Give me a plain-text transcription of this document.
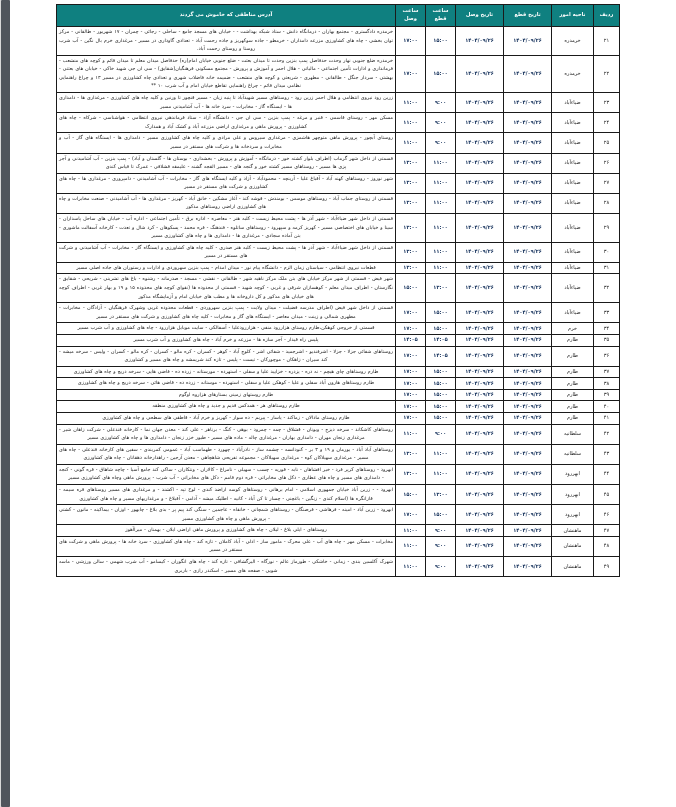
ردیف	ناحیه امور	تاریخ قطع	تاریخ وصل	ساعت قطع	ساعت وصل	آدرس مناطقی که خاموش می گردند
۲۱	خرمدره	۱۴۰۴/۰۹/۲۶	۱۴۰۴/۰۹/۲۶	۱۵:۰۰	۱۷:۰۰	خرمدره دادگستری - مجتمع بهاران - درمانگاه دانش - ستاد شبکه بهداشت - - خیابان های مسجد جامع - ساحلی - رجائی - چمران - ۱۷ شهریور - طالقانی - مرکز توان بخشی - چاه های کشاورزی مزرعه دامداران - خرمطو - جاده سوکهریز و جاده رحمت آباد - تعدادی گاوداری در مسیر - مرغداری خرم بال نگین - آب شرب روستا و روستای رحمت آباد.
۲۲	خرمدره	۱۴۰۴/۰۹/۲۶	۱۴۰۴/۰۹/۲۶	۱۵:۰۰	۱۷:۰۰	خرمدره ضلع جنوبی نهار وحدت حدفاصل پمپ بنزین وحدت تا میدان بعثت - ضلع جنوبی خیابان امام(ره) حدفاصل میدان معلم تا میدان قائم و کوچه های منشعب - فرمانداری و ادارات تأمین اجتماعی - مالیاتی - هلال احمر و آموزش و پرورش - مجتمع مسکونی فرهنگیان(شقایق) - سی ان جی شهید خاکی - خیابان های بعثتی - بهشتی - سردار جنگل - طالقانی - مطهری - شریعتی و کوچه های منشعب - ضمیمه خانه فاضلاب شهری و تعدادی چاه کشاورزی در مسیر ۱۳ و چراغ راهنمایی نظامی میدان قائم - چراغ راهنمایی تقاطع خیابان امام و آب شرب ۱۰ **
۲۳	ضیاءآباد	۱۴۰۴/۰۹/۲۶	۱۴۰۴/۰۹/۲۶	۹:۰۰	۱۱:۰۰	زرین رود نیروی انتظامی و هلال احمر زرین رود - روستاهای مسیر شهیدآباد تا پنبه زیان - مسیر قنچور تا ورنین و کلیه چاه های کشاورزی - مرغداری ها - دامداری ها - ایستگاه گاز - مخابرات - سرد خانه ها - آب آشامیدنی مسیر
۲۴	ضیاءآباد	۱۴۰۴/۰۹/۲۶	۱۴۰۴/۰۹/۲۶	۹:۰۰	۱۱:۰۰	مسکن مهر - روستای قاسمی - قنبر و مرغه - پمپ بنزین - سی ان جی - دانشگاه آزاد - ستاد فرماندهی نیروی انتظامی - هواشناسی - شرکاه - چاه های کشاورزی - پرورش ماهی و مرغداری اراضی مزرعه آباد و کشک آباد و همدارک
۲۵	ضیاءآباد	۱۴۰۴/۰۹/۲۶	۱۴۰۴/۰۹/۲۶	۹:۰۰	۱۱:۰۰	روستای آبچور - پرورش ماهی متوچهر هاشمزی - مرغداری سیروس و علی مرادی و کلیه چاه های کشاورزی مسیر - دامداری ها - ایستگاه های گاز - آب و مخابرات و سردخانه ها و شرکت های مستقر در مسیر
۲۶	ضیاءآباد	۱۴۰۴/۰۹/۲۶	۱۴۰۴/۰۹/۲۶	۱۱:۰۰	۱۳:۰۰	قسمتی از داخل شهر گرماب (اطراف بلوار کشته خور - درمانگاه - آموزش و پرورش - بخشداری - بوستان ها - گلستان و آباد) - پمپ بنزین - آب آشامیدنی و آجر پزی ها مسیر - روستاهای مسیر کشته خور و گنجه های - مسیر القجه گشنه - علیمقه قشلاقی - عمرک تا قیاس کندی
۲۷	ضیاءآباد	۱۴۰۴/۰۹/۲۶	۱۴۰۴/۰۹/۲۶	۱۱:۰۰	۱۳:۰۰	شهر نوروز - روستاهای کهنه آباد - آقباغ علیا - آرینچه - محمودآباد - آزاد و کلیه ایستگاه های گاز - مخابرات - آب آشامیدنی - دامپروری - مرغداری ها - چاه های کشاورزی و شرکت های مستقر در مسیر
۲۸	ضیاءآباد	۱۴۰۴/۰۹/۲۶	۱۴۰۴/۰۹/۲۶	۱۱:۰۰	۱۳:۰۰	قسمتی از روستای جماب آباد - روستاهای موسس - بومندش - قوشه کند - آغاز مشکین - خانق آباد - کهریز - مرغداری ها - آب آشامیدنی - صنعت مخابرات و چاه های کشاورزی اراضی روستاهای مذکور
۲۹	ضیاءآباد	۱۴۰۴/۰۹/۲۶	۱۴۰۴/۰۹/۲۶	۱۱:۰۰	۱۳:۰۰	قسمتی از داخل شهر ضیاءآباد - شهر آذر ها - پشت محیط زیست - کلبه هنر - معاصره - اداره برق - تأمین اجتماعی - اداره آب - خیابان های ساحل پاسداران - سینا و خیابان های اختصاصی مسیر - کهریز کرمه و سپهرود - روستاهای ساتلوه - فندهنگ - فره محمد - پسکوهان - کرد شال و تعدت - کارخانه آسفالت ماشوری - بتن آماده سجادی - مرغداری ها - دامداری ها و چاه های کشاورزی مسیر
۳۰	ضیاءآباد	۱۴۰۴/۰۹/۲۶	۱۴۰۴/۰۹/۲۶	۱۱:۰۰	۱۳:۰۰	قسمتی از داخل شهر ضیاءآباد - شهر آذر ها - پشت محیط زیست - کلبه هنر صدری - کلیه چاه های کشاورزی و ایستگاه گاز - مخابرات - آب آشامیدنی و شرکت های مستقر در مسیر
۳۱	ضیاءآباد	۱۴۰۴/۰۹/۲۶	۱۴۰۴/۰۹/۲۶	۱۱:۰۰	۱۳:۰۰	قطعات نیروی انتظامی - سیاستان زمان الزم - دانشگاه پیام نور - میدان امدام - پمپ بنزین سهروردی و ادارات و رستوران های جاده اصلی مسیر
۳۲	ضیاءآباد	۱۴۰۴/۰۹/۲۶	۱۴۰۴/۰۹/۲۶	۱۳:۰۰	۱۵:۰۰	شهر فیض - قسمتی از شهر مرکز خیابان های بتن ملک مرکز ناهیه شهر - طالقانی - نقشی - مسجد - صدرمانه - رشنوه - باغ های تشرینی - شریحی - شقایق - نگارستان - اطراف میدان معلم - کوهسازان شرقی و غربی - کوچه شهید - قسمتی از محدوده ها (نقوای کوچه های محدوده ۱۵ و ۱۹ و بهار غربی - اطراف کوچه های خیابان های مذکور و کل داروخانه ها و مطب های خیابان امام و آزمایشگاه مذکور
۳۳	ضیاءآباد	۱۴۰۴/۰۹/۲۶	۱۴۰۴/۰۹/۲۶	۱۵:۰۰	۱۷:۰۰	قسمتی از داخل شهر فیض (اطراف مدرسه فضیلت - میدان ولایت - پمپ بنزین سهروردی - قطعات محدوده غربی وشهرک فرهنگیان - آزادگان - مخابرات - مطهری شمالی و زینت - میدان معاصر - ایستگاه های گاز و مخابرات - کلیه چاه های کشاورزی و شرکت های مستقر در مسیر
۳۴	خرم	۱۴۰۴/۰۹/۲۶	۱۴۰۴/۰۹/۲۶	۱۵:۰۰	۱۷:۰۰	قسمتی از خروجی کوهکن،طارم روستای هزاررود منفی - هزاررودعلیا - آسفالکی - سایت موبایل هزاررود - چاه های کشاورزی و آب شرب مسیر
۳۵	طارم	۱۴۰۴/۰۹/۲۶	۱۴۰۴/۰۹/۲۶	۱۴:۰۵	۱۴:۰۵	پلیس راه قیدار - آجر سازه ها - مزرعه و خرم آباد - چاه های کشاورزی و آب شرب مسیر
۳۶	طارم	۱۴۰۴/۰۹/۲۶	۱۴۰۴/۰۹/۲۶	۱۴:۰۵	۱۷:۰۰	روستاهای شفائی جزلا - جزلا - اشرفندیو - اشرجمید - شفائی اشر - کلوچ آباد - کوهر - کسران - کره مالو - کسران - کره مالو - کسران - ولیس - سرخه میشه - کند سیران - زاهکان - موچورکان - تیست - پلیس - تازه کند شریمشه و چاه های مسیر و کشاورزی
۳۷	طارم	۱۴۰۴/۰۹/۲۶	۱۴۰۴/۰۹/۲۶	۱۵:۰۰	۱۷:۰۰	طارم روستاهای چای هیچم - نه دره - یزدره - خزایید علیا و سفلی - استهرده - مورستانه - زرده ده - فاضی هایی - سرخه دریج و چاه های کشاورزی
۳۸	طارم	۱۴۰۴/۰۹/۲۶	۱۴۰۴/۰۹/۲۶	۱۵:۰۰	۱۷:۰۰	طارم روستاهای هارون آباد سفلی و علیا - کوهکن علیا و سفلی - استهرده - موستانه - زرده ده - قاضی هائی - سرخه دریج و چاه های کشاورزی
۳۹	طارم	۱۴۰۴/۰۹/۲۶	۱۴۰۴/۰۹/۲۶	۱۵:۰۰	۱۷:۰۰	طارم روستهای زمینی بستارهای هزاروه اوگوم
۴۰	طارم	۱۴۰۴/۰۹/۲۶	۱۴۰۴/۰۹/۲۶	۱۵:۰۰	۱۷:۰۰	طارم روستاهای هر - همدکس قدیم و جدید و چاه های کشاورزی منطقه
۴۱	طارم	۱۴۰۴/۰۹/۲۶	۱۴۰۴/۰۹/۲۶	۱۵:۰۰	۱۷:۰۰	طارم روستای مادالان - زماکند - یاسار - پیربم - ده سوار - کهریز و خرم آباد - قاطقی های سطحی و چاه های کشاورزی
۴۲	سلطانیه	۱۴۰۴/۰۹/۲۶	۱۴۰۴/۰۹/۲۶	۹:۰۰	۱۱:۰۰	روستاهای کاشکاند - سرخه دیزج - ویونان - قشلاق - چمه - چمرود - بوهی - کنگ - برناهر - علی کند - معدن جهان نما - کارخانه قندعلی - شرکت زاهان شیر - مرغداری زنجان مهران - دامداری بهاران - مرغداری چاله - ماده های مسیر - طیور خزر زنجان - دامداری ها و چاه های کشاورزی مسیر
۴۳	سلطانیه	۱۴۰۴/۰۹/۲۶	۱۴۰۴/۰۹/۲۶	۱۱:۰۰	۱۳:۰۰	روستاهای آباد آباد - یورمان و ۱۹ و ۳ بر - کنودانسه - چشمه ساز - نادرآباد - چهورد - طهماسب آباد - عمومی کمربندی - سفین های کارخانه قندعلی - چاه های مسیر - مرغداری سهیلاکان کوه - مرغداری سهیلاکان - مجموعه تفریحی شاهچاهی - معدن آرجین - راهدارخانه دهقانان - چاه های کشاورزی
۴۴	ابهررود	۱۴۰۴/۰۹/۲۶	۱۴۰۴/۰۹/۲۶	۱۱:۰۰	۱۳:۰۰	ابهرود - روستاهای کرپر فرد - خیر افشاهان - نابه - قوریه - چسب - سهیلی - نامراغ - کالاران - ونتکاران - ساکی کند جامع آسیا - چاچه شاهاق - قره گونی - کنجه - دامداری های مسیر و چاه های عطاری - دکل های مخابراتی - قره دوم قامم - دکل های مخابراتی - آب شرب - پرورش ماهی وچاه های کشاورزی مسیر
۴۵	ابهررود	۱۴۰۴/۰۹/۲۶	۱۴۰۴/۰۹/۲۶	۱۳:۰۰	۱۵:۰۰	ابهرود - - زرین آباد خیابان جمهوری اسلامی - امام برهانی - روستاهای کوسه اراضد کندی - لوح تپه - اکشند - و مرغداری های مسیر روستاهای قره سیمه - قازانگره ها (اسلام کندی - زنگین - باغچنی - چسار تا کن آباد - کانیه - اطلیک میشه - آدامی - آقبلاغ - و مرغداریهای مسیر و چاه های کشاورزی
۴۶	ابهررود	۱۴۰۴/۰۹/۲۶	۱۴۰۴/۰۹/۲۶	۱۵:۰۰	۱۷:۰۰	ابهرود - زرین آباد - امینه - فرهاشی - فرصنگان - روستاهای شمچانی - خانقاه - عاجمین - سنگی کند پیم پر - بدی بلاغ - چابهور - اوزان - بیماکینه - مانون - کشتی - پرورش ماهی و چاه های کشاورزی مسیر
۴۷	ماهنشان	۱۴۰۴/۰۹/۲۶	۱۴۰۴/۰۹/۲۶	۹:۰۰	۱۱:۰۰	روستاهای - ایلی بلاغ - لیلان - چاه های کشاورزی و پرورش ماهی اراضی ایلان - بهمنان - میراآهوز
۴۸	ماهنشان	۱۴۰۴/۰۹/۲۶	۱۴۰۴/۰۹/۲۶	۹:۰۰	۱۱:۰۰	مخابرات - مسکن مهر - چاه های آب - علی محرک - مامور ساز - اذلی - آباد کاملان - تازه کند - چاه های کشاورزی - سرد خانه ها - پرورش ماهی و شرکت های مستقر در مسیر
۴۹	ماهنشان	۱۴۰۴/۰۹/۲۶	۱۴۰۴/۰۹/۲۶	۹:۰۰	۱۱:۰۰	شهرک آکلسین بندی - زمانی - خاشکی - طورماز عالم - نورگاه - الیرگشاقی - تازه کند - چاه های انگوران - کیسامو - آب شرب شهمی - سالن ورزشی - ماسه شویی - صفحه های مسیر - اسکندر رازی - باربری
